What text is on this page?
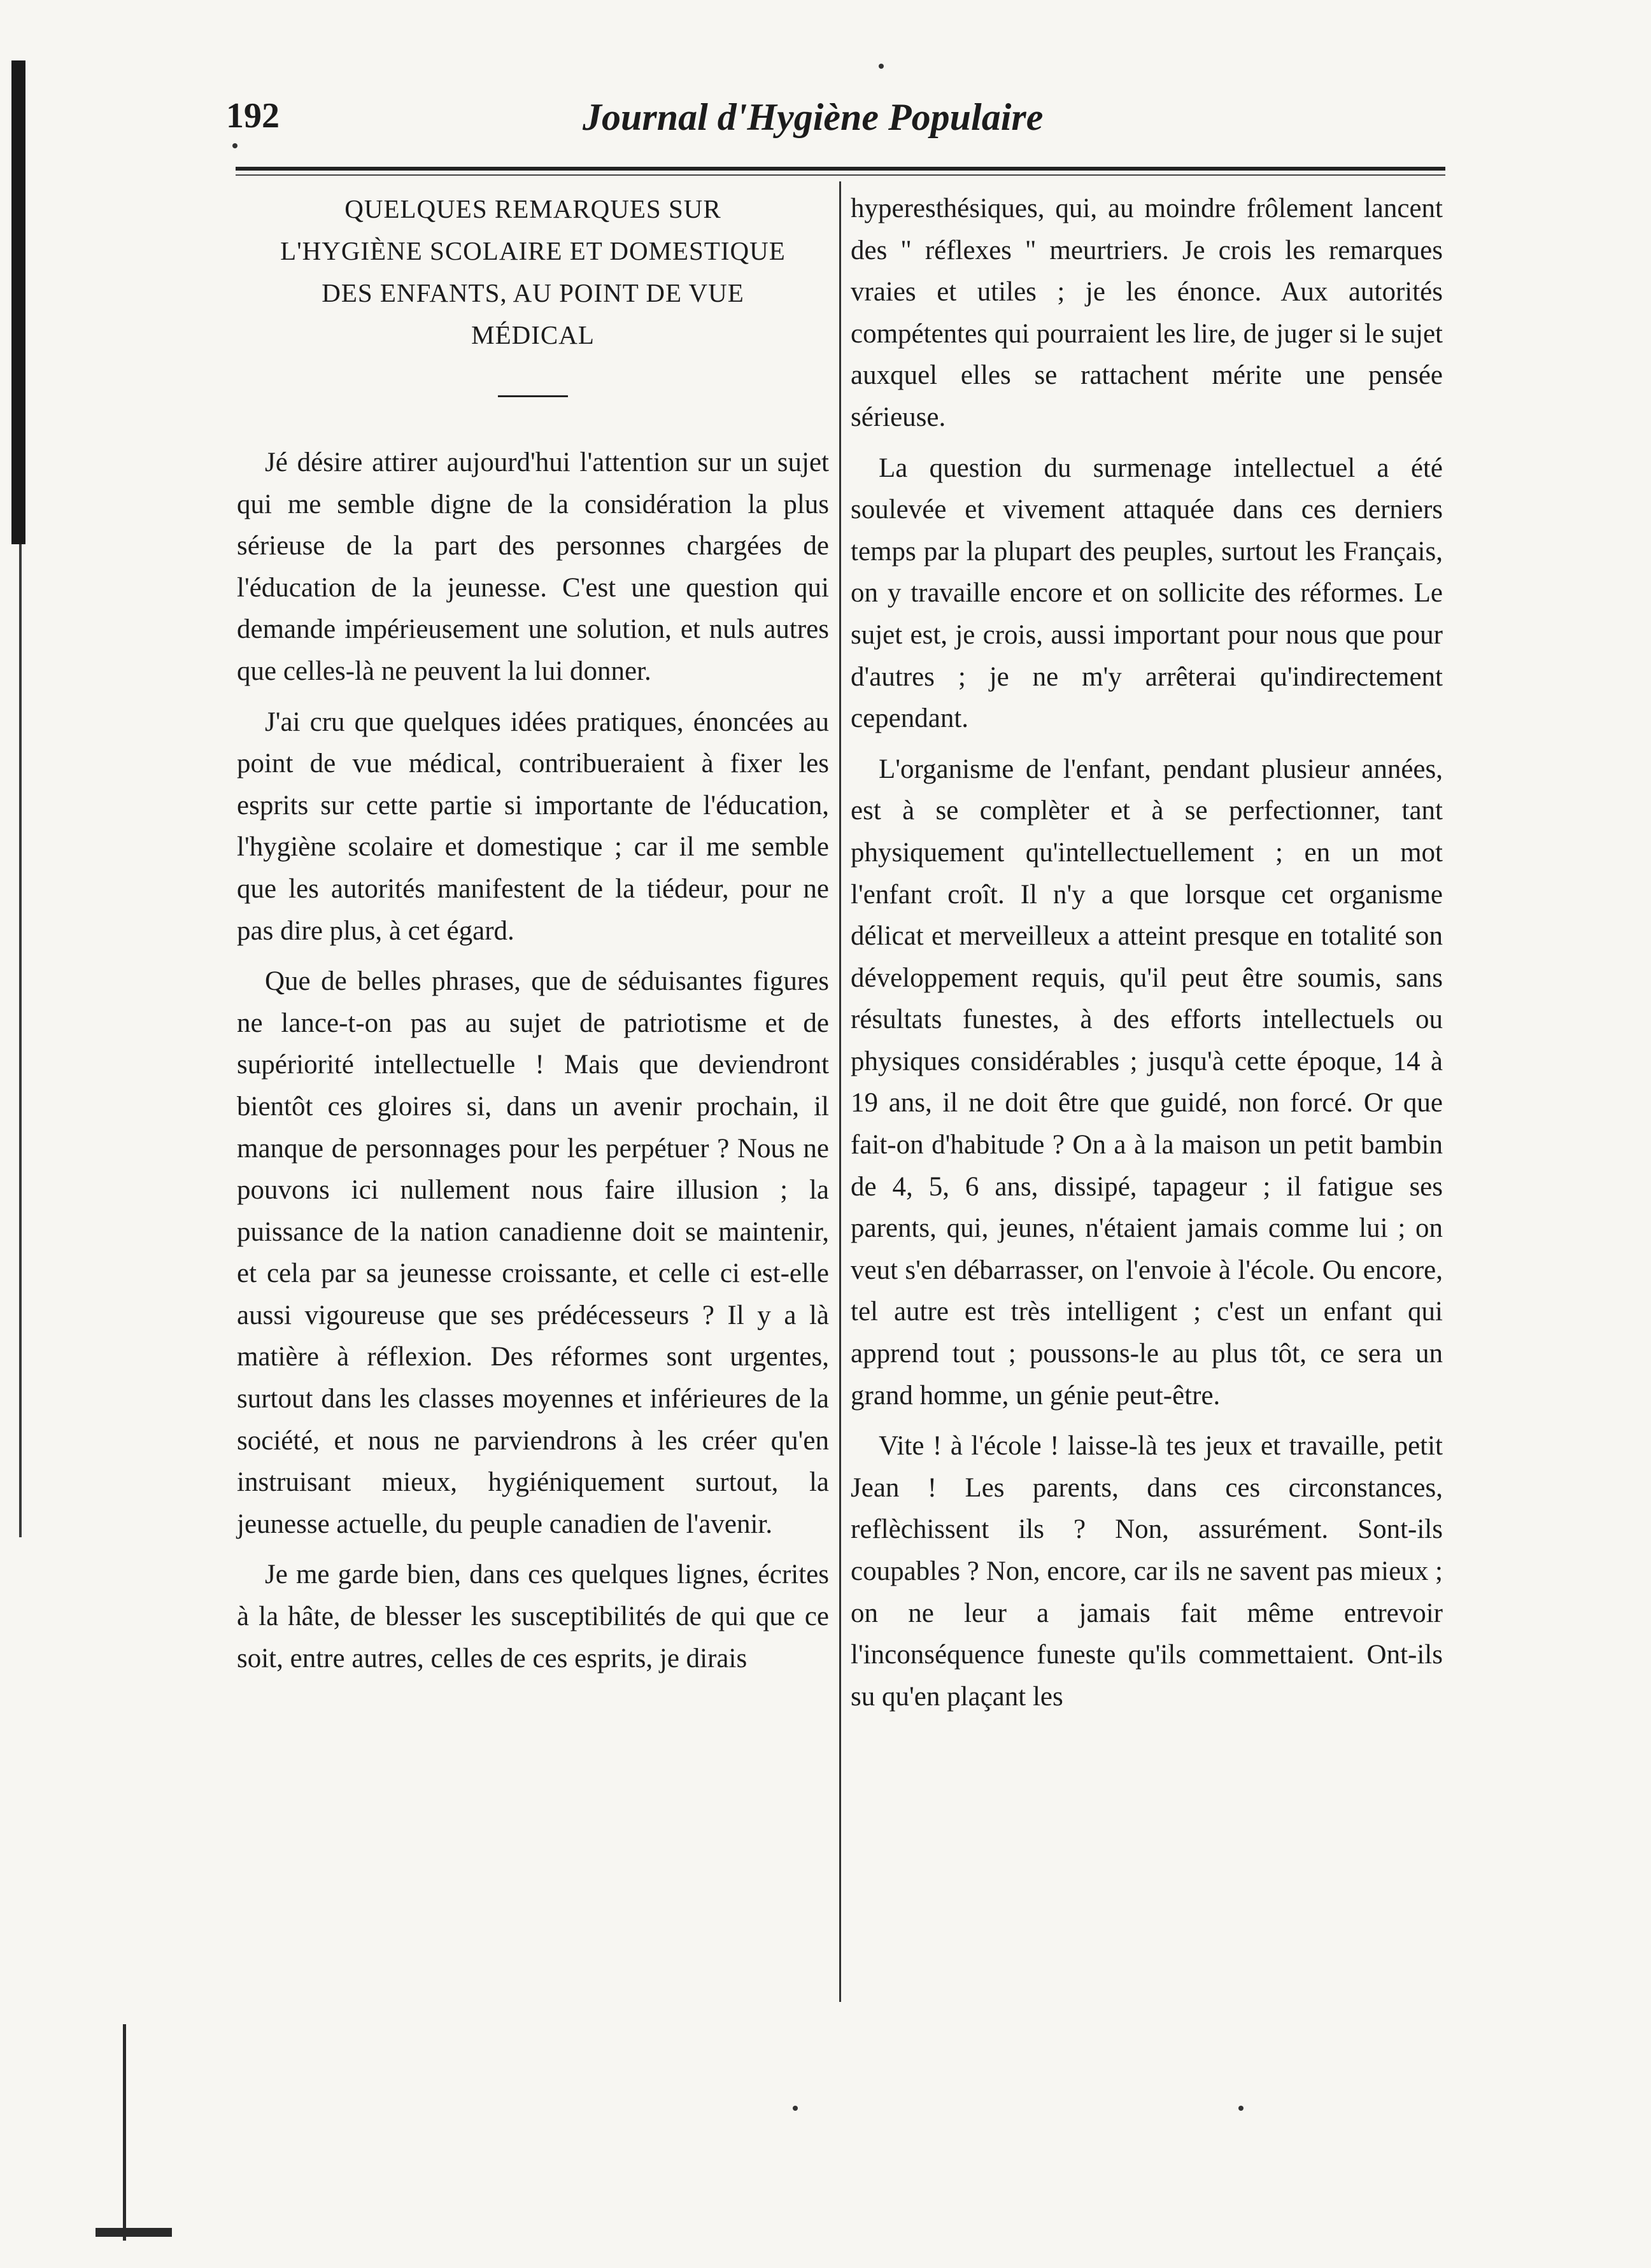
192	Journal d'Hygiène Populaire
QUELQUES REMARQUES SUR
L'HYGIÈNE SCOLAIRE ET DOMESTIQUE
DES ENFANTS, AU POINT DE VUE
MÉDICAL

Jé désire attirer aujourd'hui l'attention sur un sujet qui me semble digne de la considération la plus sérieuse de la part des personnes chargées de l'éducation de la jeunesse. C'est une question qui demande impérieusement une solution, et nuls autres que celles-là ne peuvent la lui donner.

J'ai cru que quelques idées pratiques, énoncées au point de vue médical, contribueraient à fixer les esprits sur cette partie si importante de l'éducation, l'hygiène scolaire et domestique ; car il me semble que les autorités manifestent de la tiédeur, pour ne pas dire plus, à cet égard.

Que de belles phrases, que de séduisantes figures ne lance-t-on pas au sujet de patriotisme et de supériorité intellectuelle ! Mais que deviendront bientôt ces gloires si, dans un avenir prochain, il manque de personnages pour les perpétuer ? Nous ne pouvons ici nullement nous faire illusion ; la puissance de la nation canadienne doit se maintenir, et cela par sa jeunesse croissante, et celle ci est-elle aussi vigoureuse que ses prédécesseurs ? Il y a là matière à réflexion. Des réformes sont urgentes, surtout dans les classes moyennes et inférieures de la société, et nous ne parviendrons à les créer qu'en instruisant mieux, hygiéniquement surtout, la jeunesse actuelle, du peuple canadien de l'avenir.

Je me garde bien, dans ces quelques lignes, écrites à la hâte, de blesser les susceptibilités de qui que ce soit, entre autres, celles de ces esprits, je dirais

hyperesthésiques, qui, au moindre frôlement lancent des " réflexes " meurtriers. Je crois les remarques vraies et utiles ; je les énonce. Aux autorités compétentes qui pourraient les lire, de juger si le sujet auxquel elles se rattachent mérite une pensée sérieuse.

La question du surmenage intellectuel a été soulevée et vivement attaquée dans ces derniers temps par la plupart des peuples, surtout les Français, on y travaille encore et on sollicite des réformes. Le sujet est, je crois, aussi important pour nous que pour d'autres ; je ne m'y arrêterai qu'indirectement cependant.

L'organisme de l'enfant, pendant plusieur années, est à se complèter et à se perfectionner, tant physiquement qu'intellectuellement ; en un mot l'enfant croît. Il n'y a que lorsque cet organisme délicat et merveilleux a atteint presque en totalité son développement requis, qu'il peut être soumis, sans résultats funestes, à des efforts intellectuels ou physiques considérables ; jusqu'à cette époque, 14 à 19 ans, il ne doit être que guidé, non forcé. Or que fait-on d'habitude ? On a à la maison un petit bambin de 4, 5, 6 ans, dissipé, tapageur ; il fatigue ses parents, qui, jeunes, n'étaient jamais comme lui ; on veut s'en débarrasser, on l'envoie à l'école. Ou encore, tel autre est très intelligent ; c'est un enfant qui apprend tout ; poussons-le au plus tôt, ce sera un grand homme, un génie peut-être.

Vite ! à l'école ! laisse-là tes jeux et travaille, petit Jean ! Les parents, dans ces circonstances, reflèchissent ils ? Non, assurément. Sont-ils coupables ? Non, encore, car ils ne savent pas mieux ; on ne leur a jamais fait même entrevoir l'inconséquence funeste qu'ils commettaient. Ont-ils su qu'en plaçant les
